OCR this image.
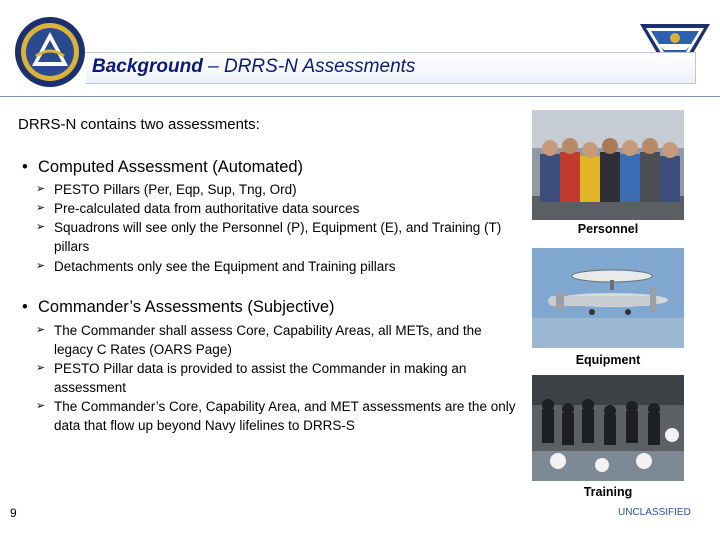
Background – DRRS-N Assessments
DRRS-N contains two assessments:
• Computed Assessment (Automated)
➢ PESTO Pillars (Per, Eqp, Sup, Tng, Ord)
➢ Pre-calculated data from authoritative data sources
➢ Squadrons will see only the Personnel (P), Equipment (E), and Training (T) pillars
➢ Detachments only see the Equipment and Training pillars
• Commander’s Assessments (Subjective)
➢ The Commander shall assess Core, Capability Areas, all METs, and the legacy C Rates (OARS Page)
➢ PESTO Pillar data is provided to assist the Commander in making an assessment
➢ The Commander’s Core, Capability Area, and MET assessments are the only data that flow up beyond Navy lifelines to DRRS-S
Personnel
Equipment
Training
9	UNCLASSIFIED
